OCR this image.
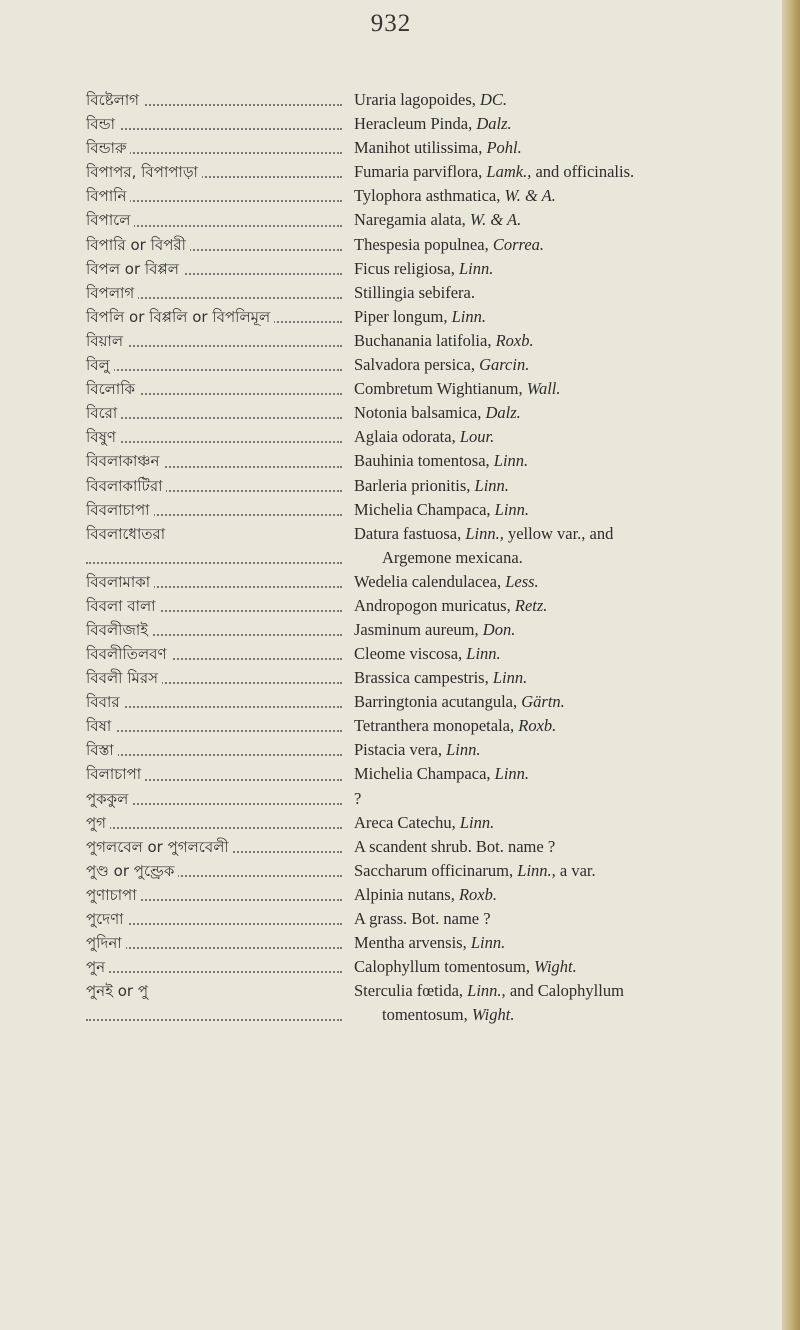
932
বিষ্টেলাগ	Uraria lagopoides, DC.
বিন্ডা	Heracleum Pinda, Dalz.
বিন্ডারু	Manihot utilissima, Pohl.
বিপাপর, বিপাপাড়া	Fumaria parviflora, Lamk., and officinalis.
বিপানি	Tylophora asthmatica, W. & A.
বিপালে	Naregamia alata, W. & A.
বিপারি or বিপরী	Thespesia populnea, Correa.
বিপল or বিপ্পল	Ficus religiosa, Linn.
বিপলাগ	Stillingia sebifera.
বিপলি or বিপ্পলি or বিপলিমূল	Piper longum, Linn.
বিয়াল	Buchanania latifolia, Roxb.
বিলু	Salvadora persica, Garcin.
বিলোকি	Combretum Wightianum, Wall.
বিরো	Notonia balsamica, Dalz.
বিষুণ	Aglaia odorata, Lour.
বিবলাকাঞ্চন	Bauhinia tomentosa, Linn.
বিবলাকাটিরা	Barleria prionitis, Linn.
বিবলাচাপা	Michelia Champaca, Linn.
বিবলাধোতরা	Datura fastuosa, Linn., yellow var., and
Argemone mexicana.
বিবলামাকা	Wedelia calendulacea, Less.
বিবলা বালা	Andropogon muricatus, Retz.
বিবলীজাই	Jasminum aureum, Don.
বিবলীতিলবণ	Cleome viscosa, Linn.
বিবলী মিরস	Brassica campestris, Linn.
বিবার	Barringtonia acutangula, Gärtn.
বিষা	Tetranthera monopetala, Roxb.
বিস্তা	Pistacia vera, Linn.
বিলাচাপা	Michelia Champaca, Linn.
পুককুল	?
পুগ	Areca Catechu, Linn.
পুগলবেল or পুগলবেলী	A scandent shrub. Bot. name ?
পুণ্ড or পুণ্ড্রেক	Saccharum officinarum, Linn., a var.
পুণাচাপা	Alpinia nutans, Roxb.
পুদেণা	A grass. Bot. name ?
পুদিনা	Mentha arvensis, Linn.
পুন	Calophyllum tomentosum, Wight.
পুনই or পু	Sterculia fœtida, Linn., and Calophyllum
tomentosum, Wight.
